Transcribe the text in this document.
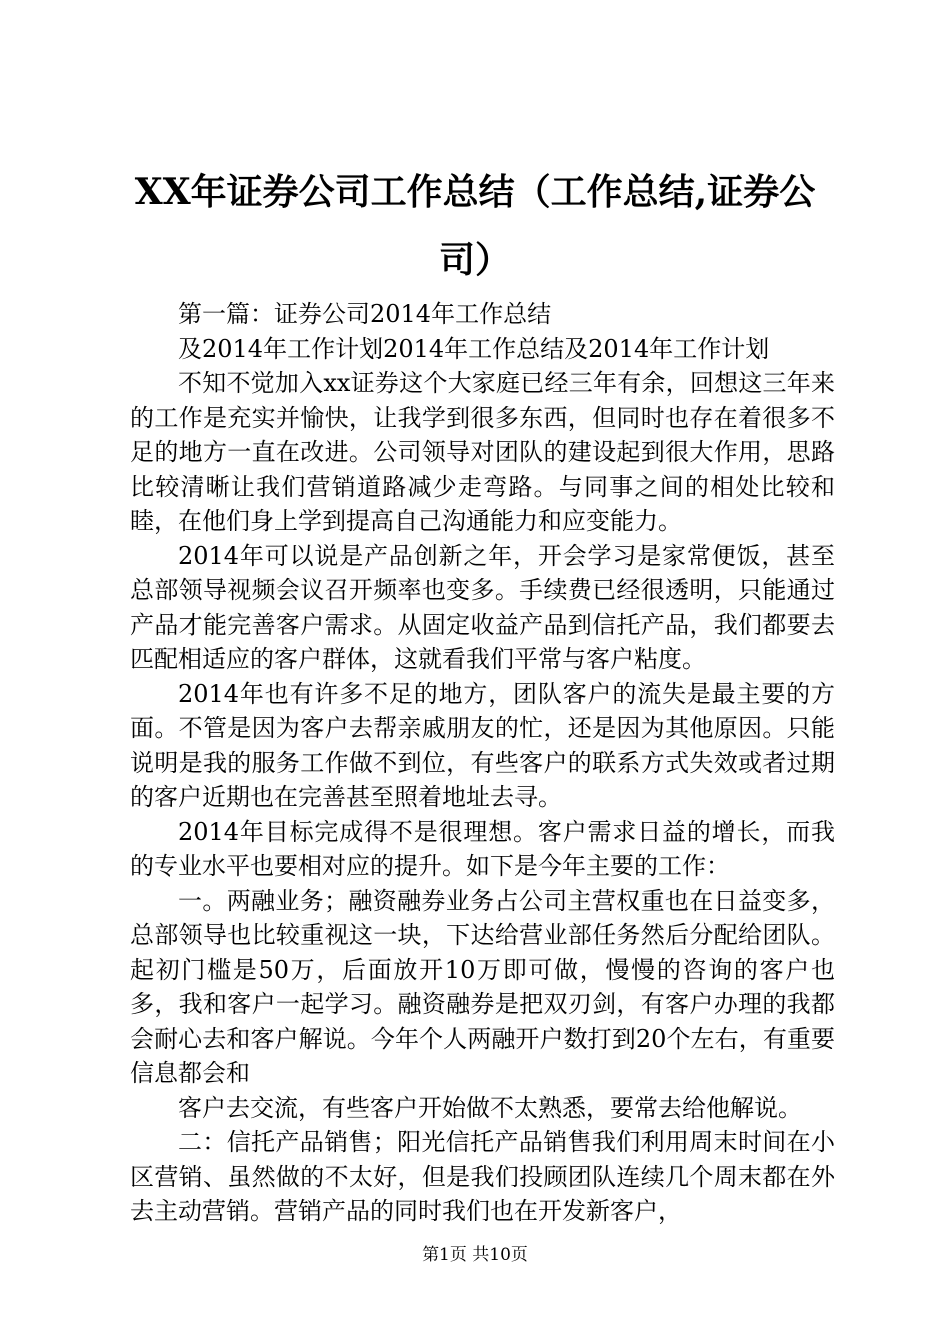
XX年证券公司工作总结（工作总结,证券公司）

第一篇：证券公司2014年工作总结

及2014年工作计划2014年工作总结及2014年工作计划

不知不觉加入xx证券这个大家庭已经三年有余，回想这三年来的工作是充实并愉快，让我学到很多东西，但同时也存在着很多不足的地方一直在改进。公司领导对团队的建设起到很大作用，思路比较清晰让我们营销道路减少走弯路。与同事之间的相处比较和睦，在他们身上学到提高自己沟通能力和应变能力。

2014年可以说是产品创新之年，开会学习是家常便饭，甚至总部领导视频会议召开频率也变多。手续费已经很透明，只能通过产品才能完善客户需求。从固定收益产品到信托产品，我们都要去匹配相适应的客户群体，这就看我们平常与客户粘度。

2014年也有许多不足的地方，团队客户的流失是最主要的方面。不管是因为客户去帮亲戚朋友的忙，还是因为其他原因。只能说明是我的服务工作做不到位，有些客户的联系方式失效或者过期的客户近期也在完善甚至照着地址去寻。

2014年目标完成得不是很理想。客户需求日益的增长，而我的专业水平也要相对应的提升。如下是今年主要的工作：

一。两融业务；融资融券业务占公司主营权重也在日益变多，总部领导也比较重视这一块，下达给营业部任务然后分配给团队。起初门槛是50万，后面放开10万即可做，慢慢的咨询的客户也多，我和客户一起学习。融资融券是把双刃剑，有客户办理的我都会耐心去和客户解说。今年个人两融开户数打到20个左右，有重要信息都会和

客户去交流，有些客户开始做不太熟悉，要常去给他解说。

二：信托产品销售；阳光信托产品销售我们利用周末时间在小区营销、虽然做的不太好，但是我们投顾团队连续几个周末都在外去主动营销。营销产品的同时我们也在开发新客户，

第1页 共10页
